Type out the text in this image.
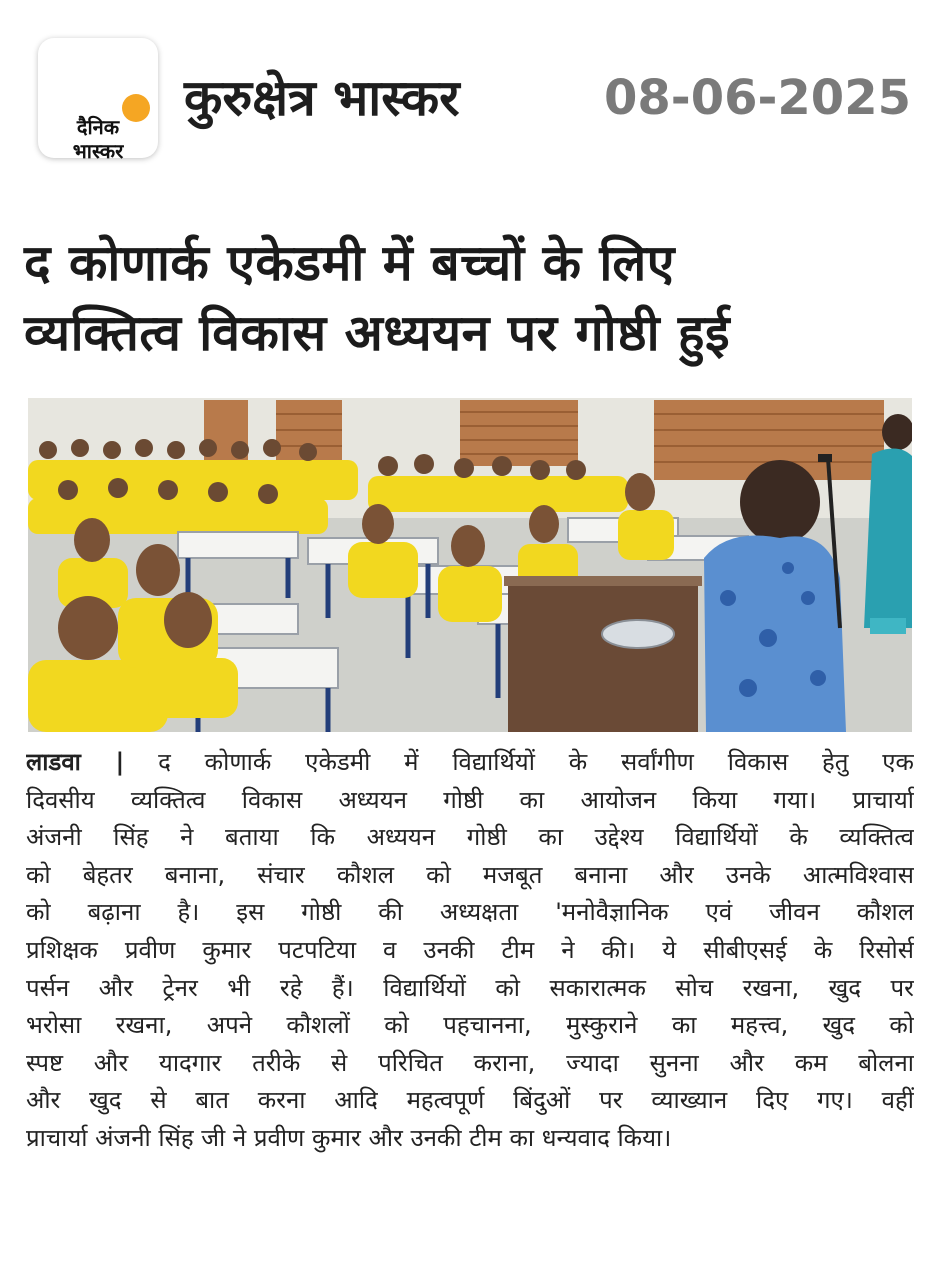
दैनिक
भास्कर
कुरुक्षेत्र भास्कर	08-06-2025
द कोणार्क एकेडमी में बच्चों के लिए
व्यक्तित्व विकास अध्ययन पर गोष्ठी हुई
लाडवा | द कोणार्क एकेडमी में विद्यार्थियों के सर्वांगीण विकास हेतु एक
दिवसीय व्यक्तित्व विकास अध्ययन गोष्ठी का आयोजन किया गया। प्राचार्या
अंजनी सिंह ने बताया कि अध्ययन गोष्ठी का उद्देश्य विद्यार्थियों के व्यक्तित्व
को बेहतर बनाना, संचार कौशल को मजबूत बनाना और उनके आत्मविश्वास
को बढ़ाना है। इस गोष्ठी की अध्यक्षता 'मनोवैज्ञानिक एवं जीवन कौशल
प्रशिक्षक प्रवीण कुमार पटपटिया व उनकी टीम ने की। ये सीबीएसई के रिसोर्स
पर्सन और ट्रेनर भी रहे हैं। विद्यार्थियों को सकारात्मक सोच रखना, खुद पर
भरोसा रखना, अपने कौशलों को पहचानना, मुस्कुराने का महत्त्व, खुद को
स्पष्ट और यादगार तरीके से परिचित कराना, ज्यादा सुनना और कम बोलना
और खुद से बात करना आदि महत्वपूर्ण बिंदुओं पर व्याख्यान दिए गए। वहीं
प्राचार्या अंजनी सिंह जी ने प्रवीण कुमार और उनकी टीम का धन्यवाद किया।
